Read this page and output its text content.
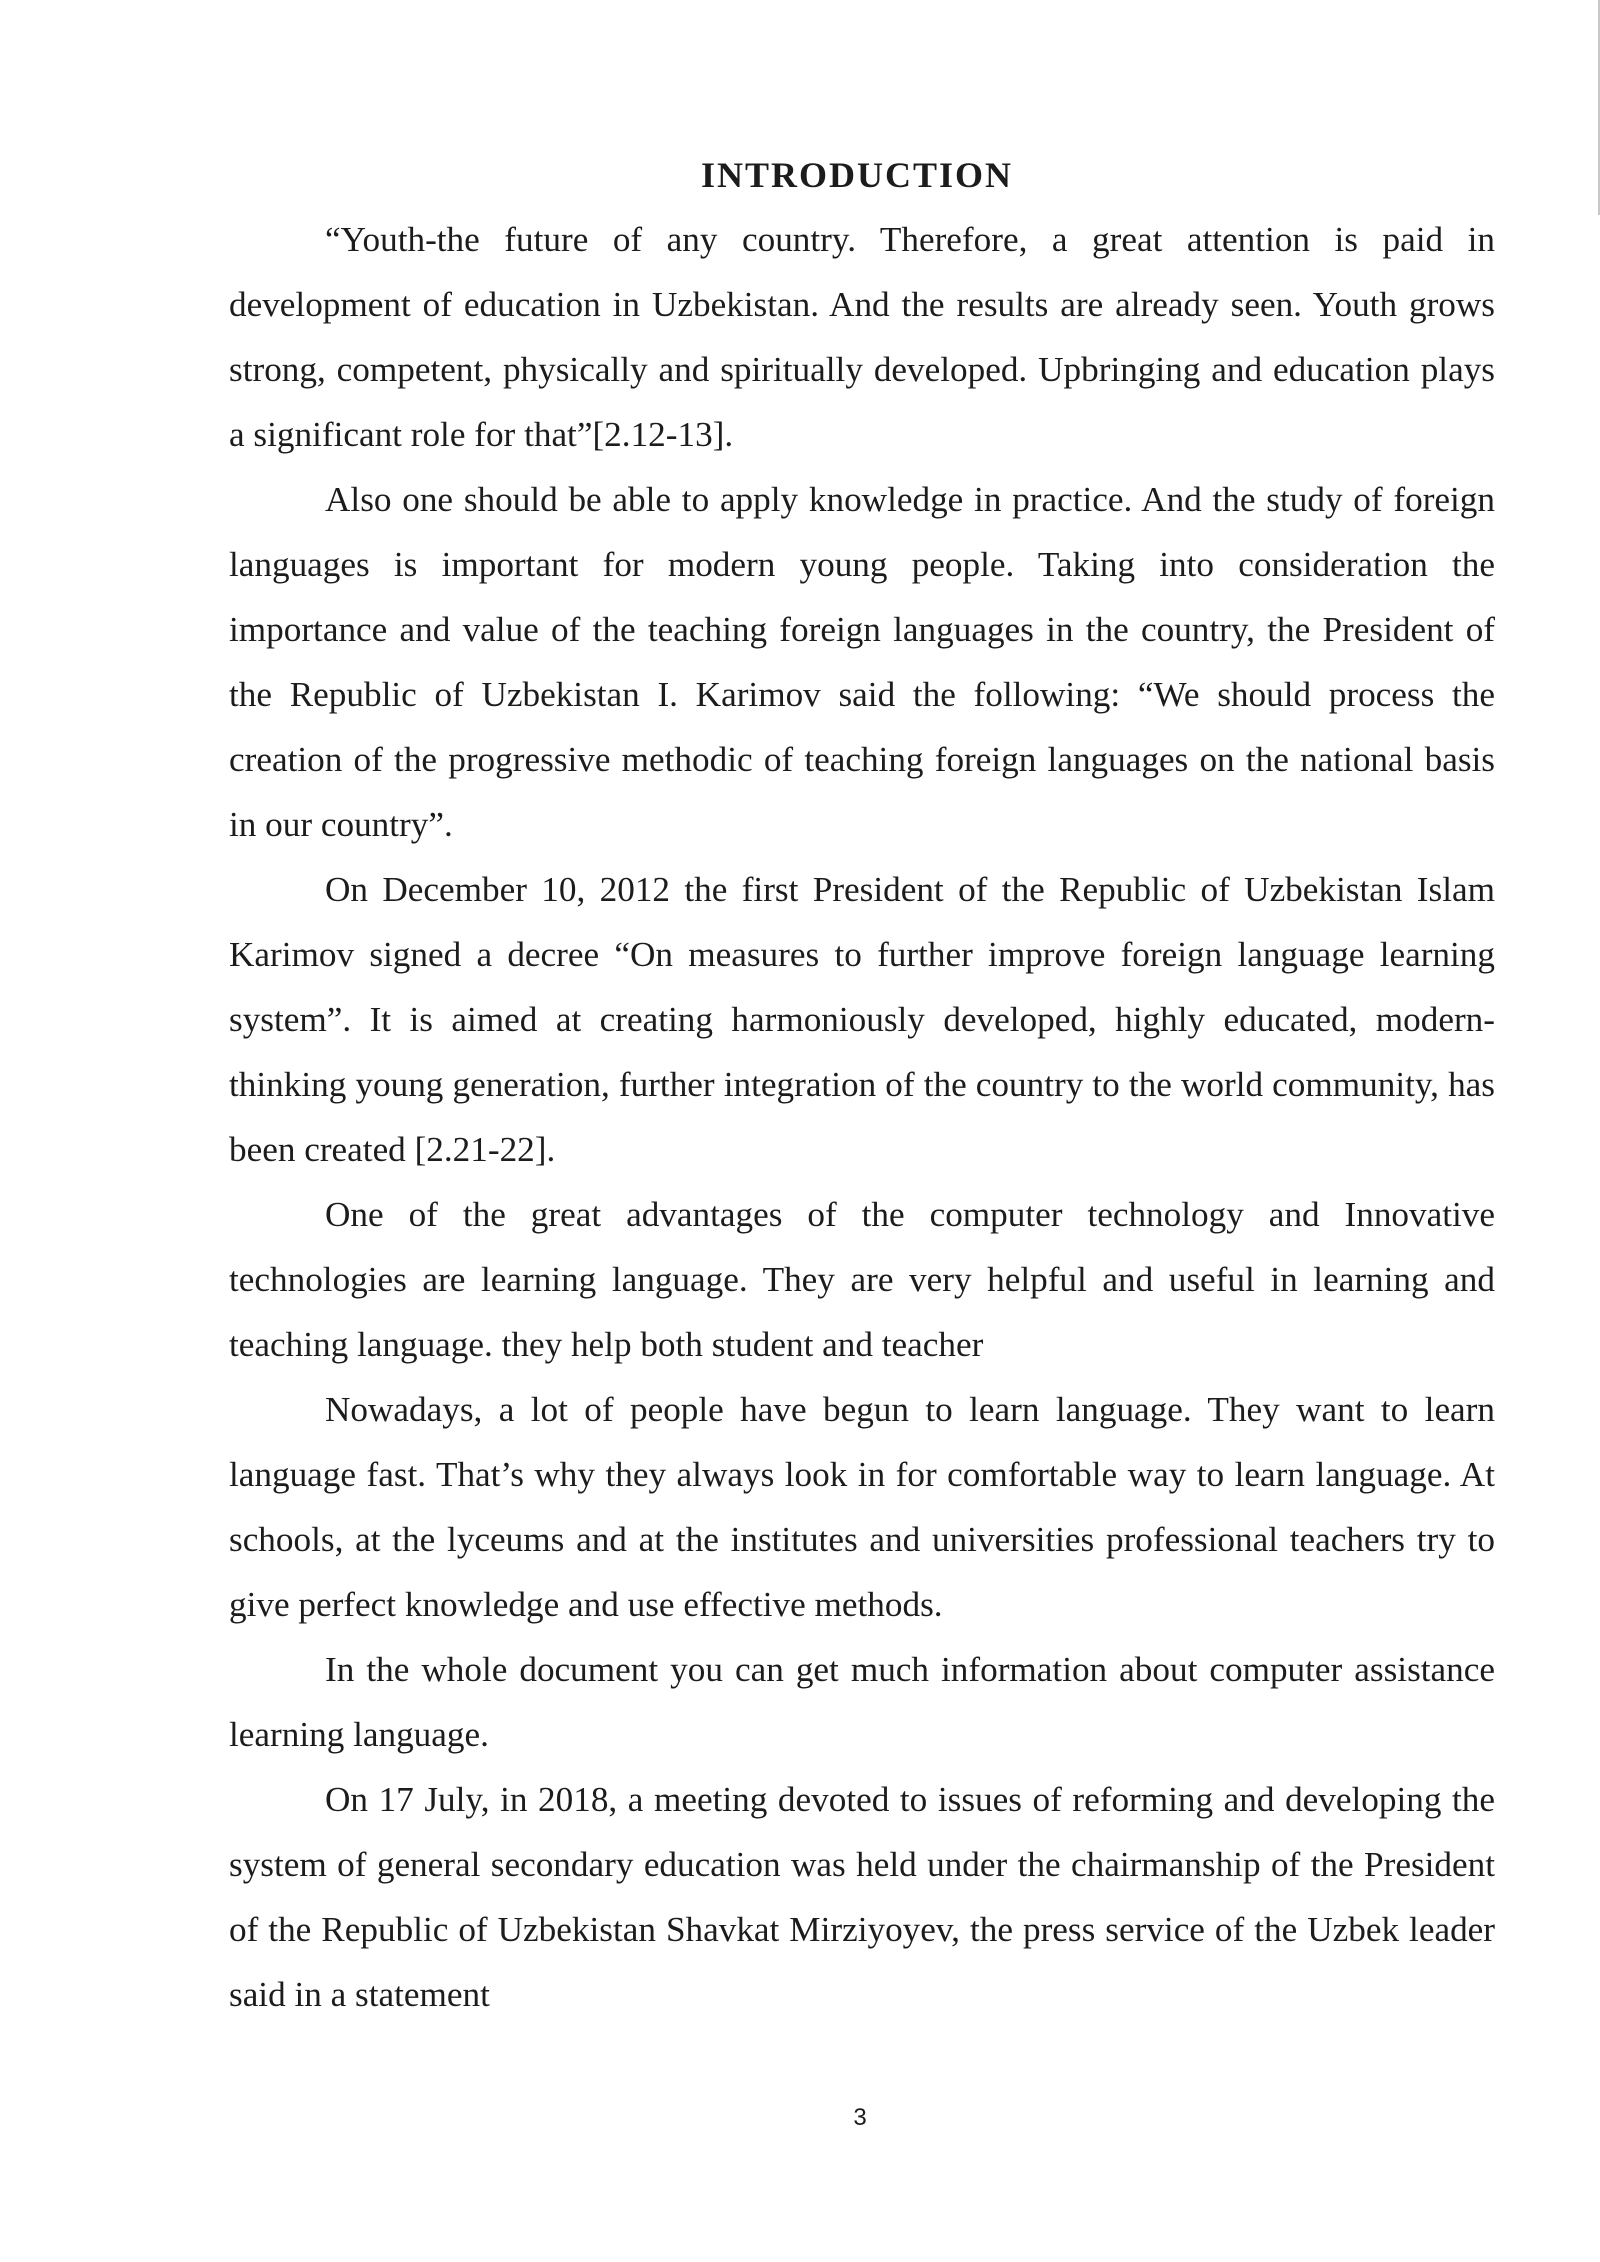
INTRODUCTION

“Youth-the future of any country. Therefore, a great attention is paid in development of education in Uzbekistan. And the results are already seen. Youth grows strong, competent, physically and spiritually developed. Upbringing and education plays a significant role for that”[2.12-13].

Also one should be able to apply knowledge in practice. And the study of foreign languages is important for modern young people. Taking into consideration the importance and value of the teaching foreign languages in the country, the President of the Republic of Uzbekistan I. Karimov said the following: “We should process the creation of the progressive methodic of teaching foreign languages on the national basis in our country”.

On December 10, 2012 the first President of the Republic of Uzbekistan Islam Karimov signed a decree “On measures to further improve foreign language learning system”. It is aimed at creating harmoniously developed, highly educated, modern-thinking young generation, further integration of the country to the world community, has been created [2.21-22].

One of the great advantages of the computer technology and Innovative technologies are learning language. They are very helpful and useful in learning and teaching language. they help both student and teacher

Nowadays, a lot of people have begun to learn language. They want to learn language fast. That’s why they always look in for comfortable way to learn language. At schools, at the lyceums and at the institutes and universities professional teachers try to give perfect knowledge and use effective methods.

In the whole document you can get much information about computer assistance learning language.

On 17 July, in 2018, a meeting devoted to issues of reforming and developing the system of general secondary education was held under the chairmanship of the President of the Republic of Uzbekistan Shavkat Mirziyoyev, the press service of the Uzbek leader said in a statement

3
